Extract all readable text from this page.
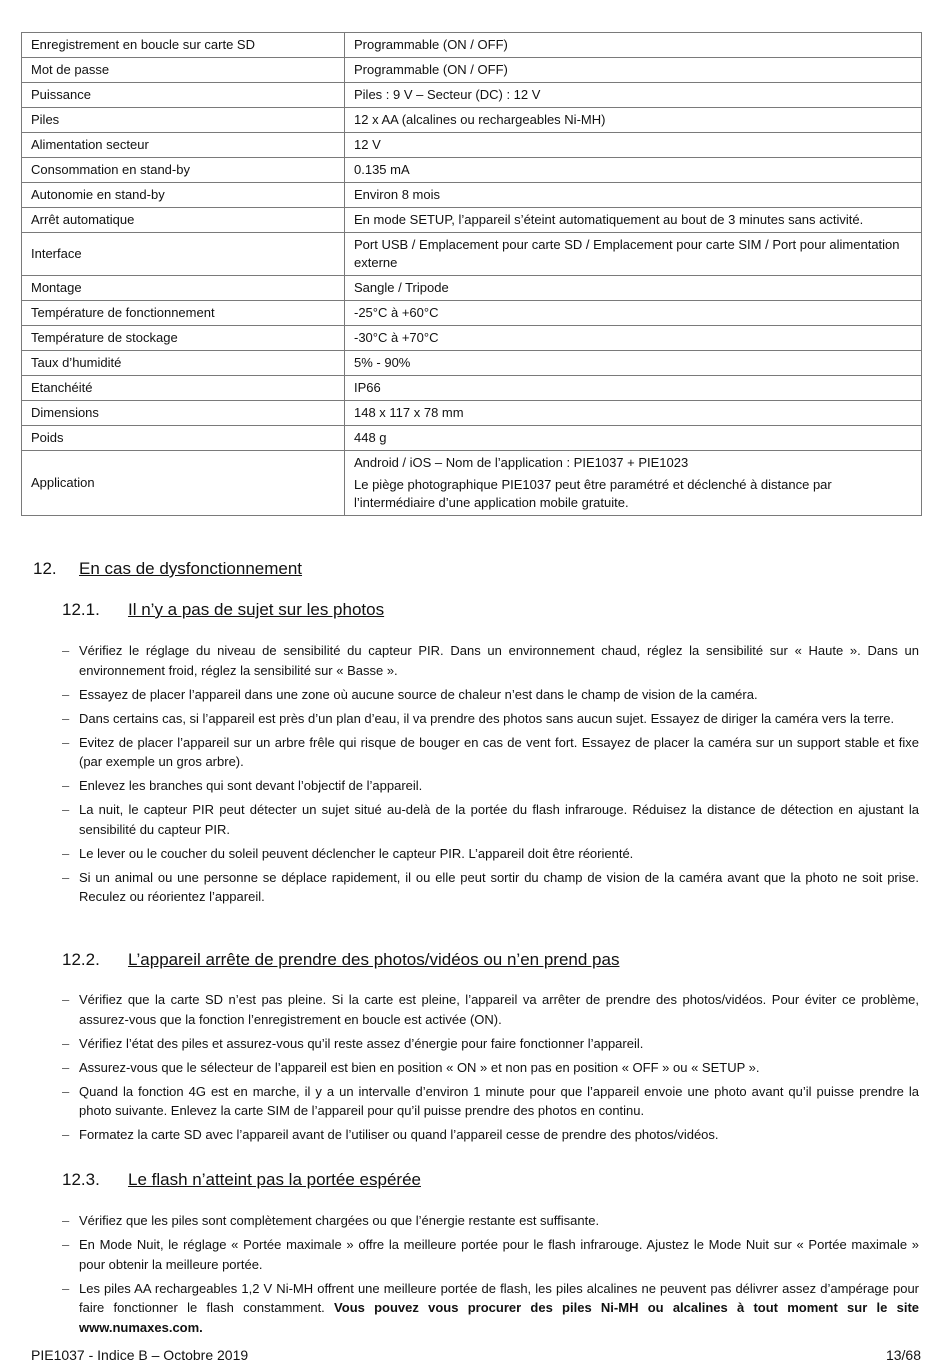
Enregistrement en boucle sur carte SD	Programmable (ON / OFF)
Mot de passe	Programmable (ON / OFF)
Puissance	Piles : 9 V – Secteur (DC) : 12 V
Piles	12 x AA (alcalines ou rechargeables Ni-MH)
Alimentation secteur	12 V
Consommation en stand-by	0.135 mA
Autonomie en stand-by	Environ 8 mois
Arrêt automatique	En mode SETUP, l’appareil s’éteint automatiquement au bout de 3 minutes sans activité.
Interface	Port USB / Emplacement pour carte SD / Emplacement pour carte SIM / Port pour alimentation externe
Montage	Sangle / Tripode
Température de fonctionnement	-25°C à +60°C
Température de stockage	-30°C à +70°C
Taux d’humidité	5% - 90%
Etanchéité	IP66
Dimensions	148 x 117 x 78 mm
Poids	448 g
Application	Android / iOS – Nom de l’application : PIE1037 + PIE1023

Le piège photographique PIE1037 peut être paramétré et déclenché à distance par l’intermédiaire d’une application mobile gratuite.

12. En cas de dysfonctionnement
12.1. Il n’y a pas de sujet sur les photos
– Vérifiez le réglage du niveau de sensibilité du capteur PIR. Dans un environnement chaud, réglez la sensibilité sur « Haute ». Dans un environnement froid, réglez la sensibilité sur « Basse ».
– Essayez de placer l’appareil dans une zone où aucune source de chaleur n’est dans le champ de vision de la caméra.
– Dans certains cas, si l’appareil est près d’un plan d’eau, il va prendre des photos sans aucun sujet. Essayez de diriger la caméra vers la terre.
– Evitez de placer l’appareil sur un arbre frêle qui risque de bouger en cas de vent fort. Essayez de placer la caméra sur un support stable et fixe (par exemple un gros arbre).
– Enlevez les branches qui sont devant l’objectif de l’appareil.
– La nuit, le capteur PIR peut détecter un sujet situé au-delà de la portée du flash infrarouge. Réduisez la distance de détection en ajustant la sensibilité du capteur PIR.
– Le lever ou le coucher du soleil peuvent déclencher le capteur PIR. L’appareil doit être réorienté.
– Si un animal ou une personne se déplace rapidement, il ou elle peut sortir du champ de vision de la caméra avant que la photo ne soit prise. Reculez ou réorientez l’appareil.
12.2. L’appareil arrête de prendre des photos/vidéos ou n’en prend pas
– Vérifiez que la carte SD n’est pas pleine. Si la carte est pleine, l’appareil va arrêter de prendre des photos/vidéos. Pour éviter ce problème, assurez-vous que la fonction l’enregistrement en boucle est activée (ON).
– Vérifiez l’état des piles et assurez-vous qu’il reste assez d’énergie pour faire fonctionner l’appareil.
– Assurez-vous que le sélecteur de l’appareil est bien en position « ON » et non pas en position « OFF » ou « SETUP ».
– Quand la fonction 4G est en marche, il y a un intervalle d’environ 1 minute pour que l’appareil envoie une photo avant qu’il puisse prendre la photo suivante. Enlevez la carte SIM de l’appareil pour qu’il puisse prendre des photos en continu.
– Formatez la carte SD avec l’appareil avant de l’utiliser ou quand l’appareil cesse de prendre des photos/vidéos.
12.3. Le flash n’atteint pas la portée espérée
– Vérifiez que les piles sont complètement chargées ou que l’énergie restante est suffisante.
– En Mode Nuit, le réglage « Portée maximale » offre la meilleure portée pour le flash infrarouge. Ajustez le Mode Nuit sur « Portée maximale » pour obtenir la meilleure portée.
– Les piles AA rechargeables 1,2 V Ni-MH offrent une meilleure portée de flash, les piles alcalines ne peuvent pas délivrer assez d’ampérage pour faire fonctionner le flash constamment. Vous pouvez vous procurer des piles Ni-MH ou alcalines à tout moment sur le site www.numaxes.com.
PIE1037 - Indice B – Octobre 2019	13/68
